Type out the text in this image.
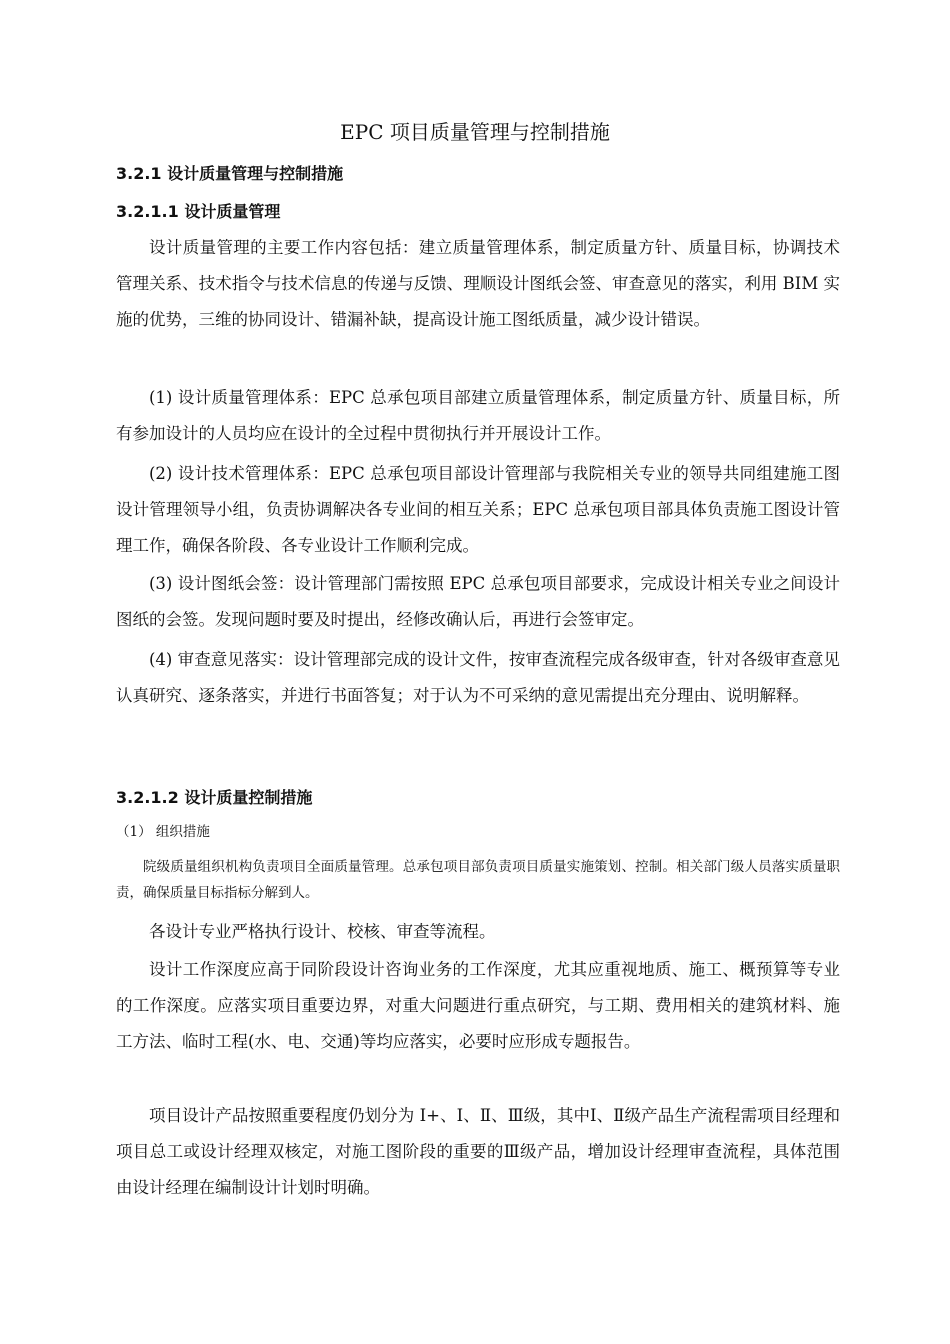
EPC 项目质量管理与控制措施
3.2.1 设计质量管理与控制措施
3.2.1.1 设计质量管理

设计质量管理的主要工作内容包括：建立质量管理体系，制定质量方针、质量目标，协调技术管理关系、技术指令与技术信息的传递与反馈、理顺设计图纸会签、审查意见的落实，利用 BIM 实施的优势，三维的协同设计、错漏补缺，提高设计施工图纸质量，减少设计错误。

(1) 设计质量管理体系：EPC 总承包项目部建立质量管理体系，制定质量方针、质量目标，所有参加设计的人员均应在设计的全过程中贯彻执行并开展设计工作。

(2) 设计技术管理体系：EPC 总承包项目部设计管理部与我院相关专业的领导共同组建施工图设计管理领导小组，负责协调解决各专业间的相互关系；EPC 总承包项目部具体负责施工图设计管理工作，确保各阶段、各专业设计工作顺利完成。

(3) 设计图纸会签：设计管理部门需按照 EPC 总承包项目部要求，完成设计相关专业之间设计图纸的会签。发现问题时要及时提出，经修改确认后，再进行会签审定。

(4) 审查意见落实：设计管理部完成的设计文件，按审查流程完成各级审查，针对各级审查意见认真研究、逐条落实，并进行书面答复；对于认为不可采纳的意见需提出充分理由、说明解释。

3.2.1.2 设计质量控制措施
（1） 组织措施

院级质量组织机构负责项目全面质量管理。总承包项目部负责项目质量实施策划、控制。相关部门级人员落实质量职责，确保质量目标指标分解到人。

各设计专业严格执行设计、校核、审查等流程。

设计工作深度应高于同阶段设计咨询业务的工作深度，尤其应重视地质、施工、概预算等专业的工作深度。应落实项目重要边界，对重大问题进行重点研究，与工期、费用相关的建筑材料、施工方法、临时工程(水、电、交通)等均应落实，必要时应形成专题报告。

项目设计产品按照重要程度仍划分为 I+、Ⅰ、Ⅱ、Ⅲ级，其中Ⅰ、Ⅱ级产品生产流程需项目经理和项目总工或设计经理双核定，对施工图阶段的重要的Ⅲ级产品，增加设计经理审查流程，具体范围由设计经理在编制设计计划时明确。
